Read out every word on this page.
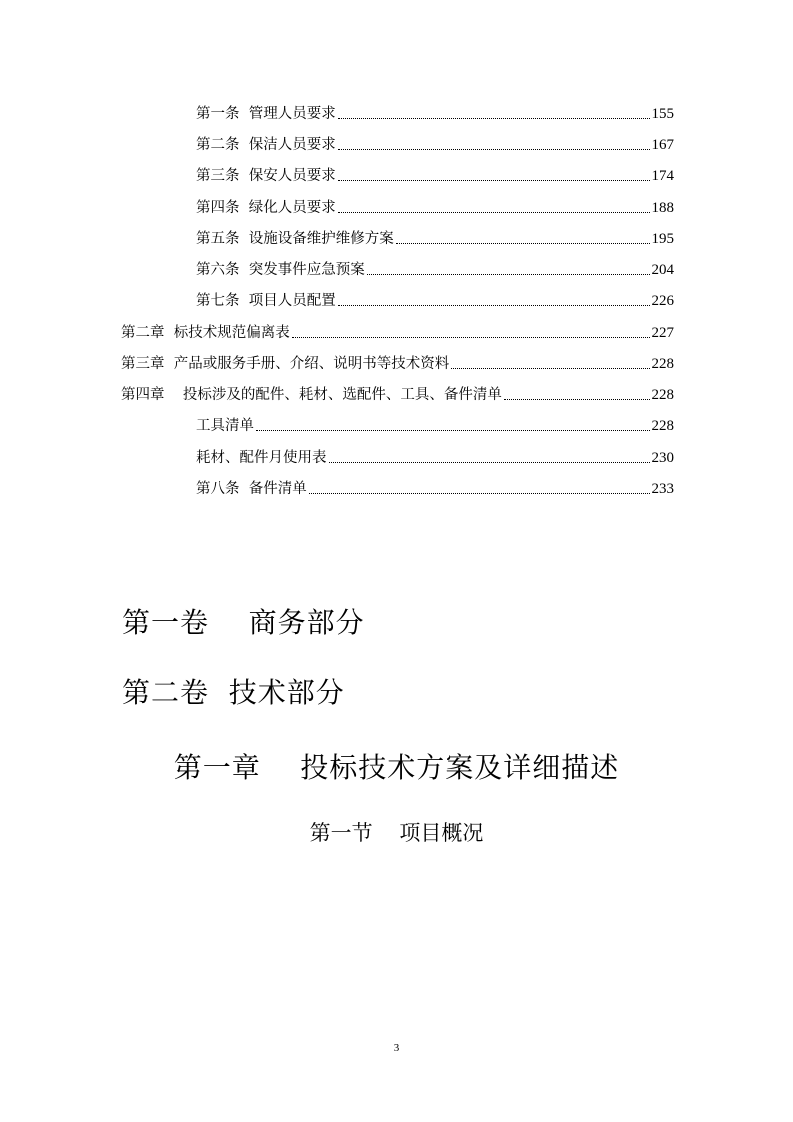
第一条  管理人员要求	155
第二条  保洁人员要求	167
第三条  保安人员要求	174
第四条  绿化人员要求	188
第五条  设施设备维护维修方案	195
第六条  突发事件应急预案	204
第七条  项目人员配置	226
第二章  标技术规范偏离表	227
第三章  产品或服务手册、介绍、说明书等技术资料	228
第四章    投标涉及的配件、耗材、选配件、工具、备件清单	228
工具清单	228
耗材、配件月使用表	230
第八条  备件清单	233
第一卷    商务部分
第二卷  技术部分
第一章    投标技术方案及详细描述
第一节    项目概况
3
